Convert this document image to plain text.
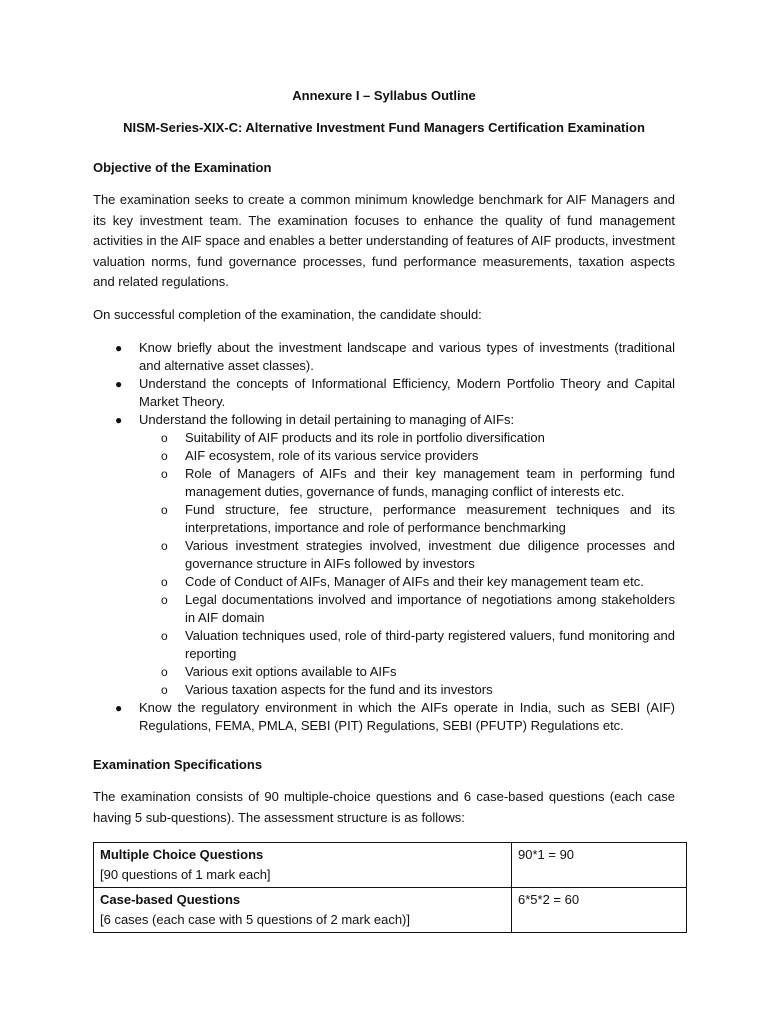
Annexure I – Syllabus Outline
NISM-Series-XIX-C: Alternative Investment Fund Managers Certification Examination
Objective of the Examination

The examination seeks to create a common minimum knowledge benchmark for AIF Managers and its key investment team. The examination focuses to enhance the quality of fund management activities in the AIF space and enables a better understanding of features of AIF products, investment valuation norms, fund governance processes, fund performance measurements, taxation aspects and related regulations.

On successful completion of the examination, the candidate should:

● Know briefly about the investment landscape and various types of investments (traditional and alternative asset classes).
● Understand the concepts of Informational Efficiency, Modern Portfolio Theory and Capital Market Theory.
● Understand the following in detail pertaining to managing of AIFs:
o Suitability of AIF products and its role in portfolio diversification
o AIF ecosystem, role of its various service providers
o Role of Managers of AIFs and their key management team in performing fund management duties, governance of funds, managing conflict of interests etc.
o Fund structure, fee structure, performance measurement techniques and its interpretations, importance and role of performance benchmarking
o Various investment strategies involved, investment due diligence processes and governance structure in AIFs followed by investors
o Code of Conduct of AIFs, Manager of AIFs and their key management team etc.
o Legal documentations involved and importance of negotiations among stakeholders in AIF domain
o Valuation techniques used, role of third-party registered valuers, fund monitoring and reporting
o Various exit options available to AIFs
o Various taxation aspects for the fund and its investors
● Know the regulatory environment in which the AIFs operate in India, such as SEBI (AIF) Regulations, FEMA, PMLA, SEBI (PIT) Regulations, SEBI (PFUTP) Regulations etc.
Examination Specifications

The examination consists of 90 multiple-choice questions and 6 case-based questions (each case having 5 sub-questions). The assessment structure is as follows:

Multiple Choice Questions
[90 questions of 1 mark each]	90*1 = 90

Case-based Questions
[6 cases (each case with 5 questions of 2 mark each)]	6*5*2 = 60
